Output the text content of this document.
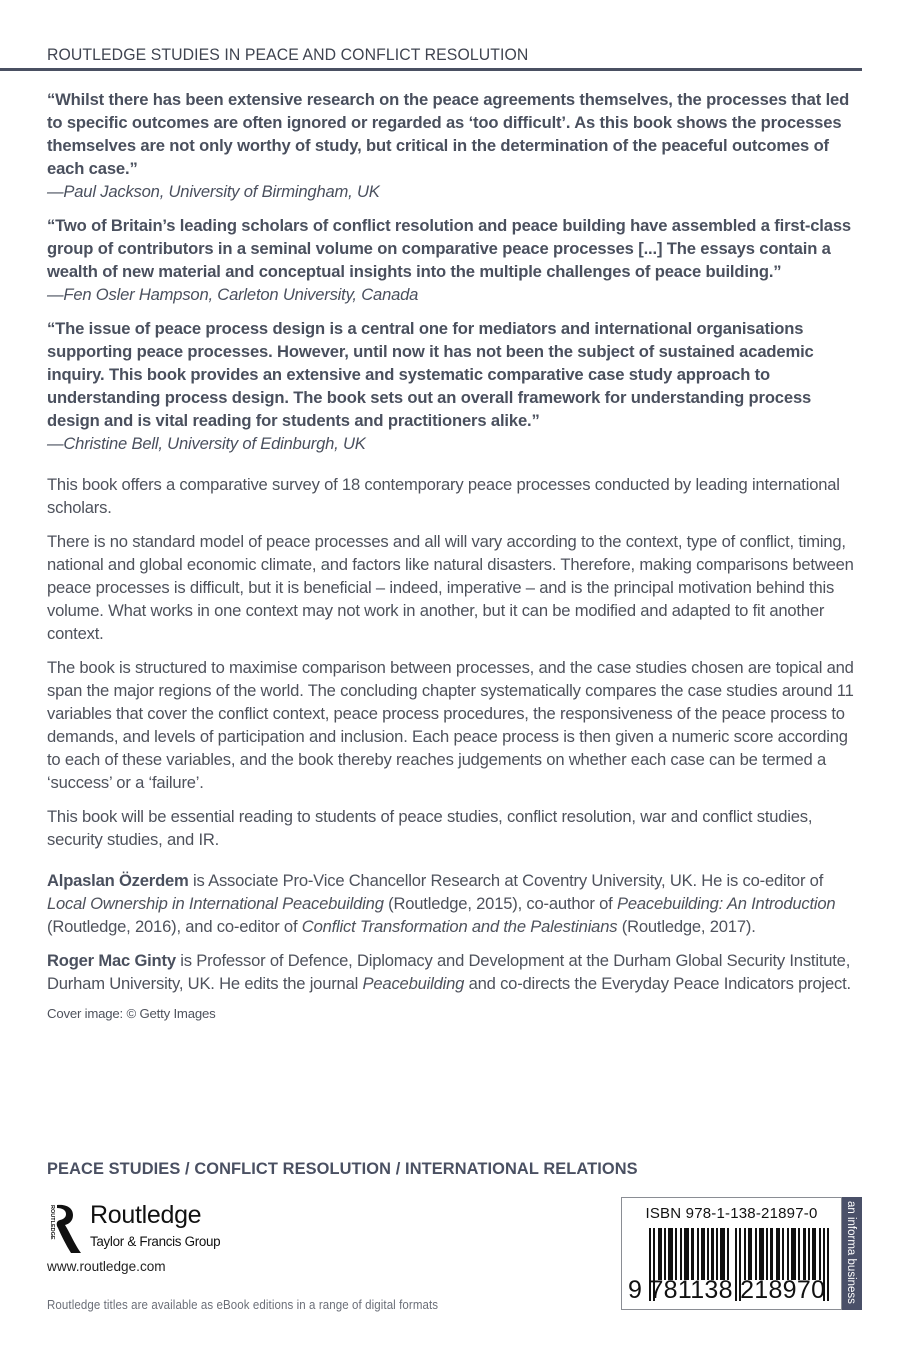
ROUTLEDGE STUDIES IN PEACE AND CONFLICT RESOLUTION
“Whilst there has been extensive research on the peace agreements themselves, the processes that led to specific outcomes are often ignored or regarded as ‘too difficult’. As this book shows the processes themselves are not only worthy of study, but critical in the determination of the peaceful outcomes of each case.”
—Paul Jackson, University of Birmingham, UK
“Two of Britain’s leading scholars of conflict resolution and peace building have assembled a first-class group of contributors in a seminal volume on comparative peace processes [...] The essays contain a wealth of new material and conceptual insights into the multiple challenges of peace building.”
—Fen Osler Hampson, Carleton University, Canada
“The issue of peace process design is a central one for mediators and international organisations supporting peace processes. However, until now it has not been the subject of sustained academic inquiry. This book provides an extensive and systematic comparative case study approach to understanding process design. The book sets out an overall framework for understanding process design and is vital reading for students and practitioners alike.”
—Christine Bell, University of Edinburgh, UK

This book offers a comparative survey of 18 contemporary peace processes conducted by leading international scholars.

There is no standard model of peace processes and all will vary according to the context, type of conflict, timing, national and global economic climate, and factors like natural disasters. Therefore, making comparisons between peace processes is difficult, but it is beneficial – indeed, imperative – and is the principal motivation behind this volume. What works in one context may not work in another, but it can be modified and adapted to fit another context.

The book is structured to maximise comparison between processes, and the case studies chosen are topical and span the major regions of the world. The concluding chapter systematically compares the case studies around 11 variables that cover the conflict context, peace process procedures, the responsiveness of the peace process to demands, and levels of participation and inclusion. Each peace process is then given a numeric score according to each of these variables, and the book thereby reaches judgements on whether each case can be termed a ‘success’ or a ‘failure’.

This book will be essential reading to students of peace studies, conflict resolution, war and conflict studies, security studies, and IR.

Alpaslan Özerdem is Associate Pro-Vice Chancellor Research at Coventry University, UK. He is co-editor of Local Ownership in International Peacebuilding (Routledge, 2015), co-author of Peacebuilding: An Introduction (Routledge, 2016), and co-editor of Conflict Transformation and the Palestinians (Routledge, 2017).

Roger Mac Ginty is Professor of Defence, Diplomacy and Development at the Durham Global Security Institute, Durham University, UK. He edits the journal Peacebuilding and co-directs the Everyday Peace Indicators project.

Cover image: © Getty Images
PEACE STUDIES / CONFLICT RESOLUTION / INTERNATIONAL RELATIONS
ROUTLEDGE Routledge
Taylor & Francis Group
www.routledge.com
Routledge titles are available as eBook editions in a range of digital formats
ISBN 978-1-138-21897-0
9 781138 218970 an informa business
